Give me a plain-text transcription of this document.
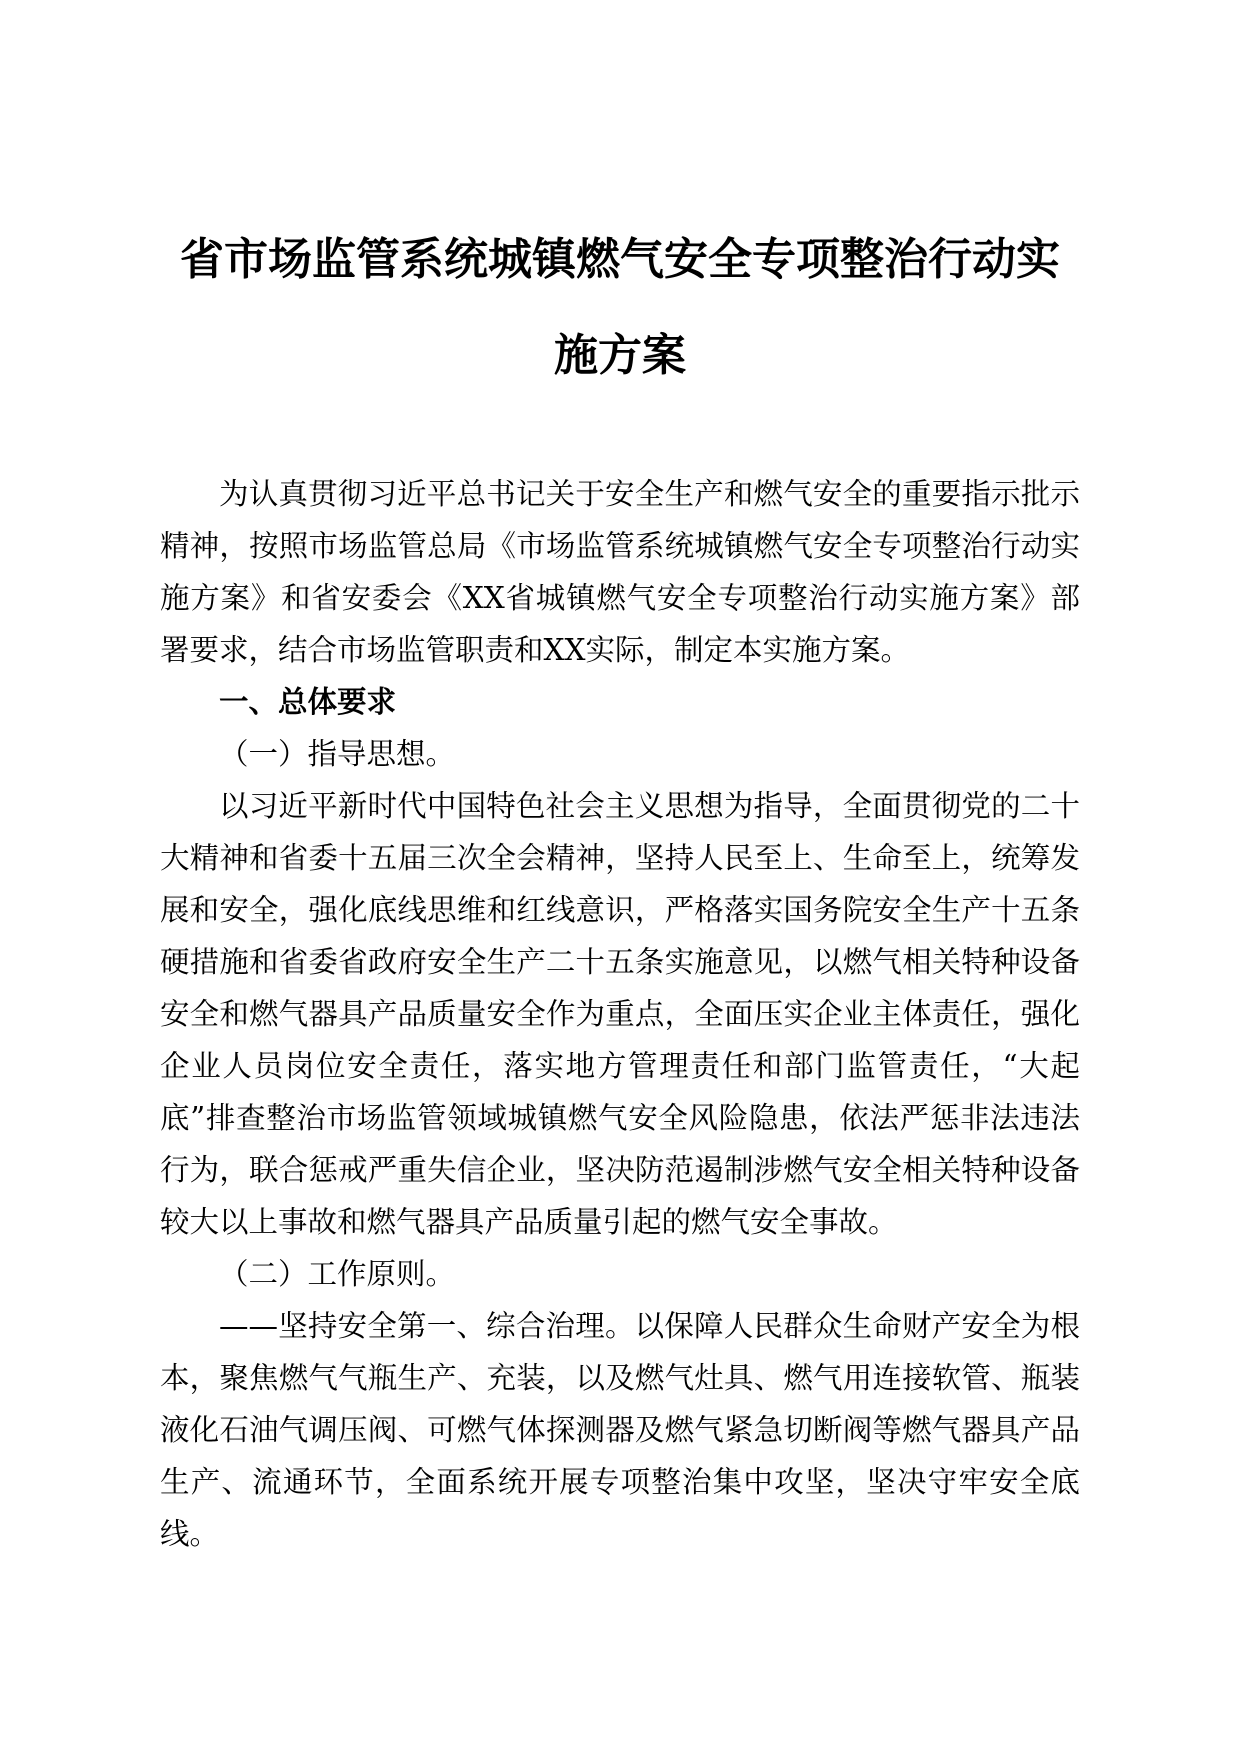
省市场监管系统城镇燃气安全专项整治行动实
施方案

为认真贯彻习近平总书记关于安全生产和燃气安全的重要指示批示精神，按照市场监管总局《市场监管系统城镇燃气安全专项整治行动实施方案》和省安委会《XX省城镇燃气安全专项整治行动实施方案》部署要求，结合市场监管职责和XX实际，制定本实施方案。

一、总体要求
（一）指导思想。

以习近平新时代中国特色社会主义思想为指导，全面贯彻党的二十大精神和省委十五届三次全会精神，坚持人民至上、生命至上，统筹发展和安全，强化底线思维和红线意识，严格落实国务院安全生产十五条硬措施和省委省政府安全生产二十五条实施意见，以燃气相关特种设备安全和燃气器具产品质量安全作为重点，全面压实企业主体责任，强化企业人员岗位安全责任，落实地方管理责任和部门监管责任，“大起底”排查整治市场监管领域城镇燃气安全风险隐患，依法严惩非法违法行为，联合惩戒严重失信企业，坚决防范遏制涉燃气安全相关特种设备较大以上事故和燃气器具产品质量引起的燃气安全事故。

（二）工作原则。

——坚持安全第一、综合治理。以保障人民群众生命财产安全为根本，聚焦燃气气瓶生产、充装，以及燃气灶具、燃气用连接软管、瓶装液化石油气调压阀、可燃气体探测器及燃气紧急切断阀等燃气器具产品生产、流通环节，全面系统开展专项整治集中攻坚，坚决守牢安全底线。
